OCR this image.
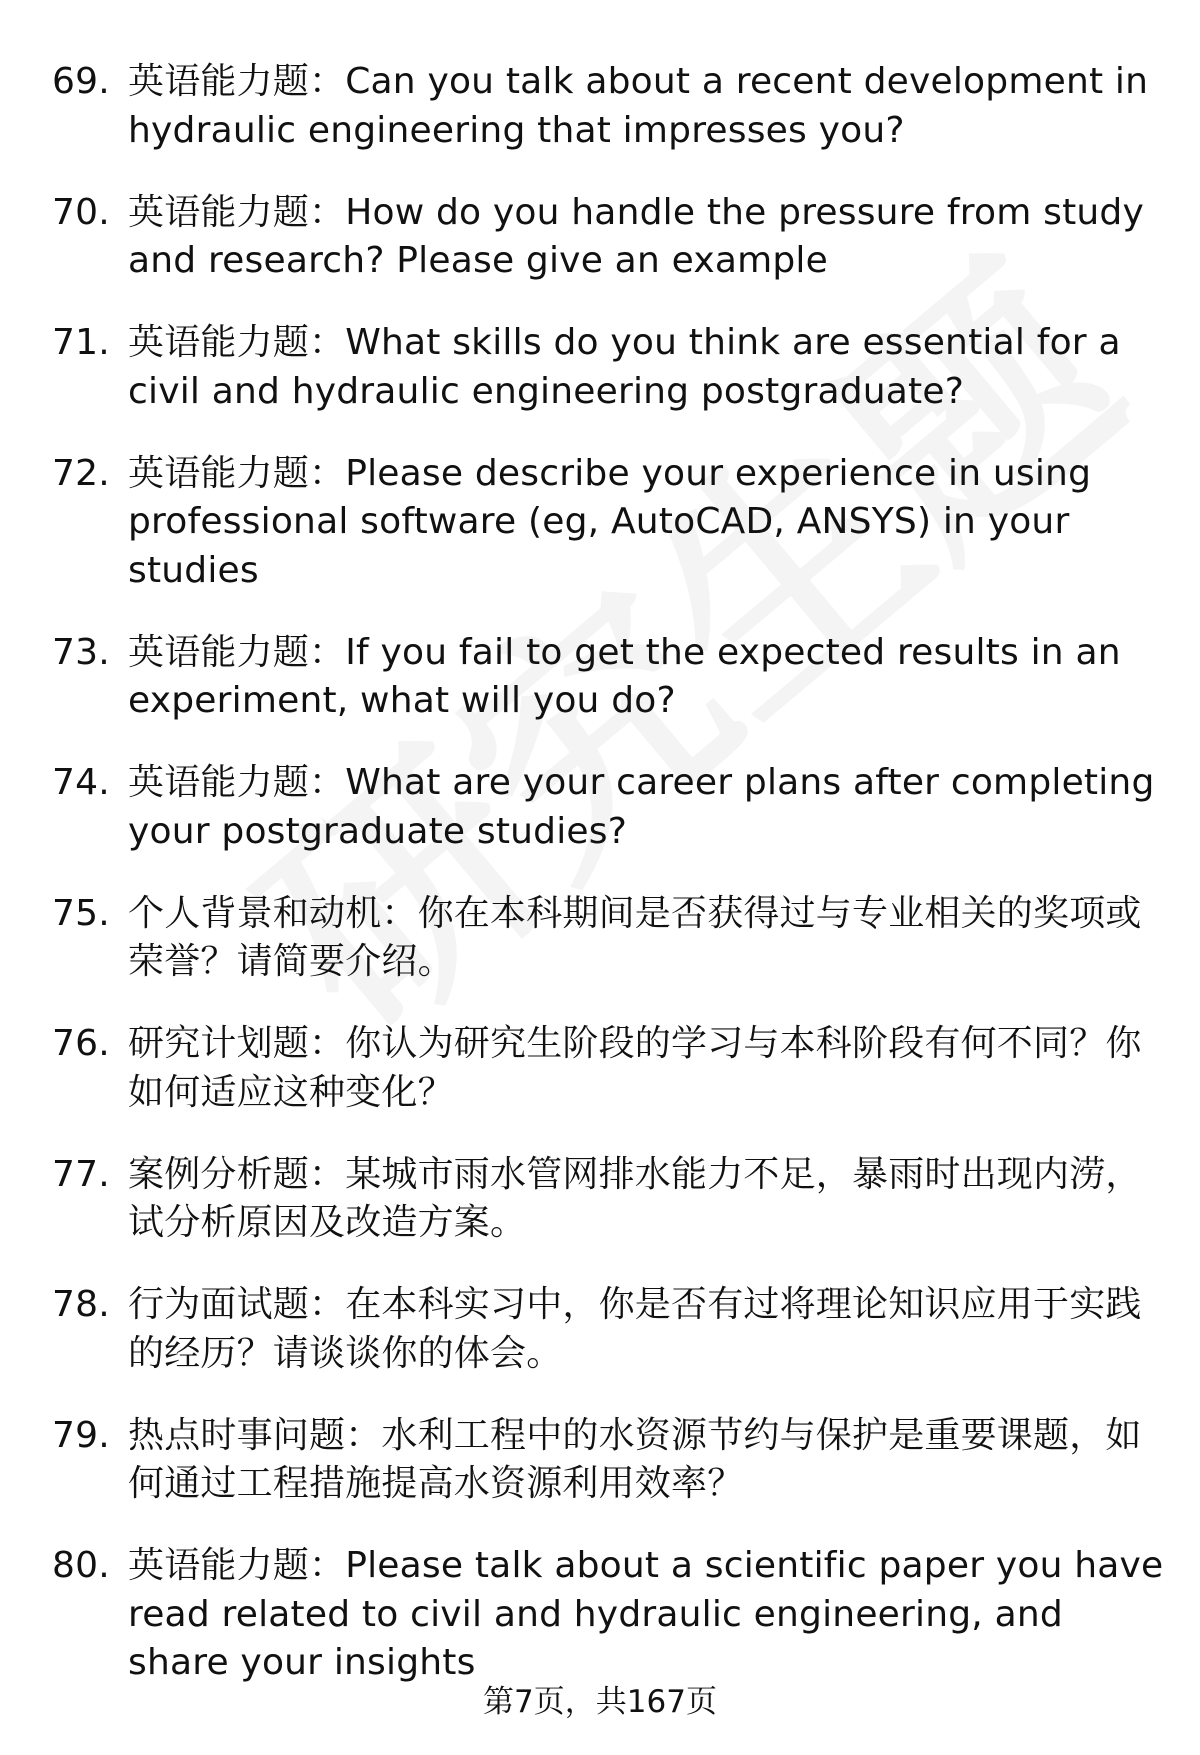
69. 英语能力题：Can you talk about a recent development in hydraulic engineering that impresses you?
70. 英语能力题：How do you handle the pressure from study and research? Please give an example
71. 英语能力题：What skills do you think are essential for a civil and hydraulic engineering postgraduate?
72. 英语能力题：Please describe your experience in using professional software (eg, AutoCAD, ANSYS) in your studies
73. 英语能力题：If you fail to get the expected results in an experiment, what will you do?
74. 英语能力题：What are your career plans after completing your postgraduate studies?
75. 个人背景和动机：你在本科期间是否获得过与专业相关的奖项或荣誉？请简要介绍。
76. 研究计划题：你认为研究生阶段的学习与本科阶段有何不同？你如何适应这种变化？
77. 案例分析题：某城市雨水管网排水能力不足，暴雨时出现内涝，试分析原因及改造方案。
78. 行为面试题：在本科实习中，你是否有过将理论知识应用于实践的经历？请谈谈你的体会。
79. 热点时事问题：水利工程中的水资源节约与保护是重要课题，如何通过工程措施提高水资源利用效率？
80. 英语能力题：Please talk about a scientific paper you have read related to civil and hydraulic engineering, and share your insights
第7页，共167页
